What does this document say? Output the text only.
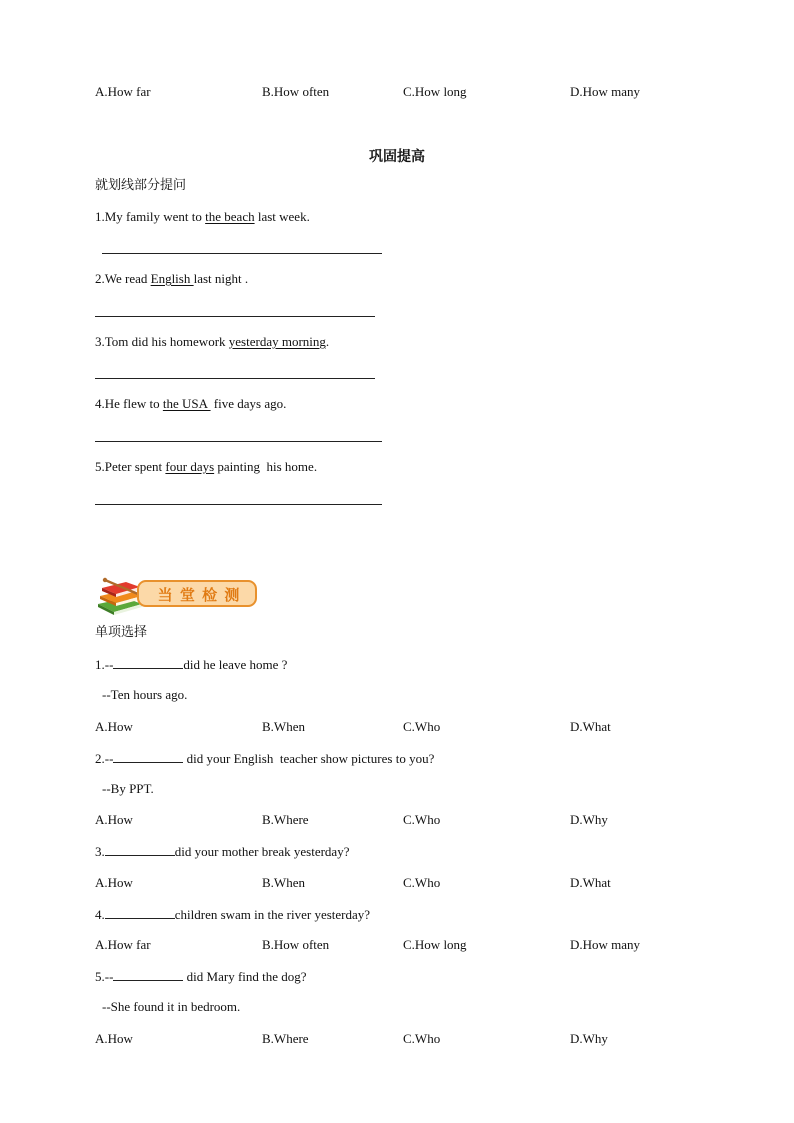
A.How far	B.How often	C.How long	D.How many
巩固提高
就划线部分提问
1.My family went to the beach last week.
2.We read English last night .
3.Tom did his homework yesterday morning.
4.He flew to the USA  five days ago.
5.Peter spent four days painting  his home.
当 堂 检 测
单项选择
1.--	did he leave home ?
--Ten hours ago.
A.How	B.When	C.Who	D.What
2.--	did your English  teacher show pictures to you?
--By PPT.
A.How	B.Where	C.Who	D.Why
3.	did your mother break yesterday?
A.How	B.When	C.Who	D.What
4.	children swam in the river yesterday?
A.How far	B.How often	C.How long	D.How many
5.--	did Mary find the dog?
--She found it in bedroom.
A.How	B.Where	C.Who	D.Why
